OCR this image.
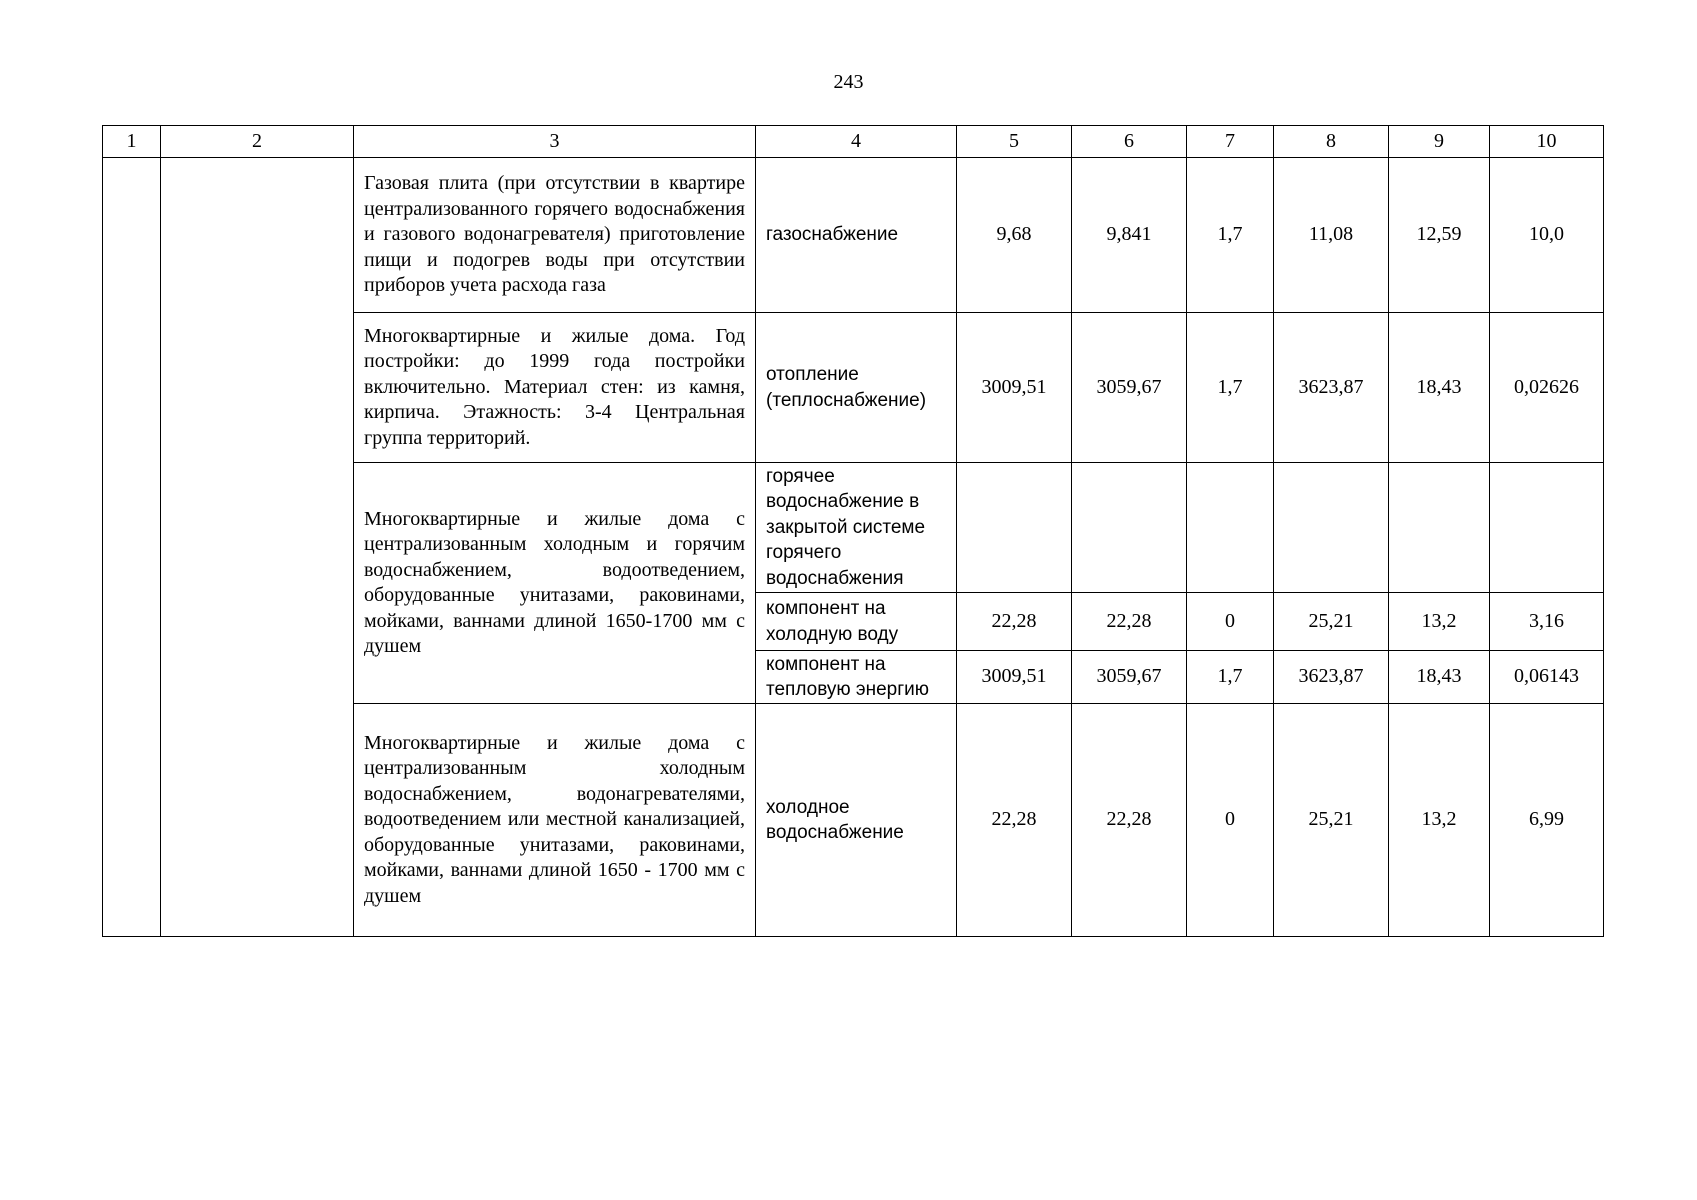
243
1	2	3	4	5	6	7	8	9	10
		Газовая плита (при отсутствии в квартире централизованного горячего водоснабжения и газового водонагревателя) приготовление пищи и подогрев воды при отсутствии приборов учета расхода газа	газоснабжение	9,68	9,841	1,7	11,08	12,59	10,0
		Многоквартирные и жилые дома. Год постройки: до 1999 года постройки включительно. Материал стен: из камня, кирпича. Этажность: 3-4 Центральная группа территорий.	отопление (теплоснабжение)	3009,51	3059,67	1,7	3623,87	18,43	0,02626
		Многоквартирные и жилые дома с централизованным холодным и горячим водоснабжением, водоотведением, оборудованные унитазами, раковинами, мойками, ваннами длиной 1650-1700 мм с душем	горячее водоснабжение в закрытой системе горячего водоснабжения						
			компонент на холодную воду	22,28	22,28	0	25,21	13,2	3,16
			компонент на тепловую энергию	3009,51	3059,67	1,7	3623,87	18,43	0,06143
		Многоквартирные и жилые дома с централизованным холодным водоснабжением, водонагревателями, водоотведением или местной канализацией, оборудованные унитазами, раковинами, мойками, ваннами длиной 1650 - 1700 мм с душем	холодное водоснабжение	22,28	22,28	0	25,21	13,2	6,99
